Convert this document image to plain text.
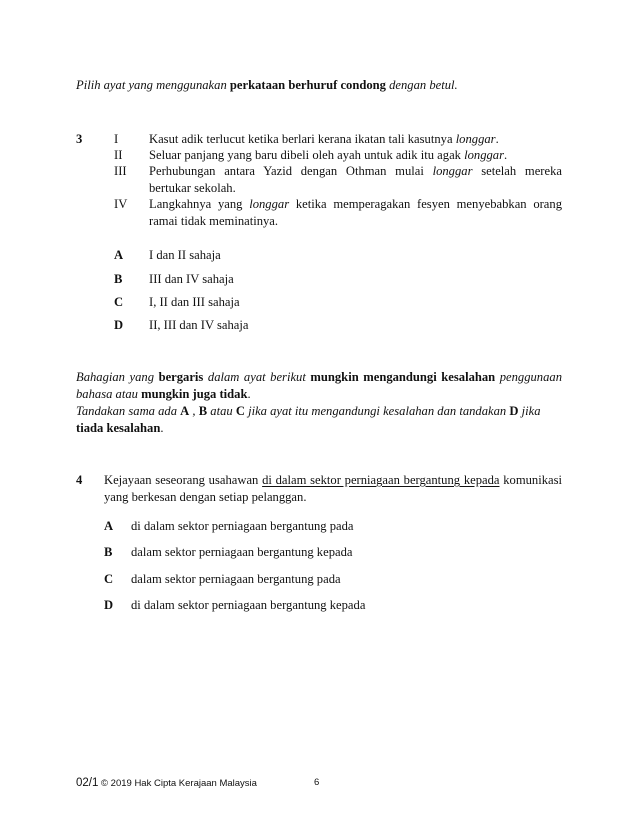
Pilih ayat yang menggunakan perkataan berhuruf condong dengan betul.
3	I Kasut adik terlucut ketika berlari kerana ikatan tali kasutnya longgar.
II Seluar panjang yang baru dibeli oleh ayah untuk adik itu agak longgar.
III Perhubungan antara Yazid dengan Othman mulai longgar setelah mereka bertukar sekolah.
IV Langkahnya yang longgar ketika memperagakan fesyen menyebabkan orang ramai tidak meminatinya.
A I dan II sahaja
B III dan IV sahaja
C I, II dan III sahaja
D II, III dan IV sahaja
Bahagian yang bergaris dalam ayat berikut mungkin mengandungi kesalahan penggunaan bahasa atau mungkin juga tidak.
Tandakan sama ada A , B atau C jika ayat itu mengandungi kesalahan dan tandakan D jika tiada kesalahan.
4 Kejayaan seseorang usahawan di dalam sektor perniagaan bergantung kepada komunikasi yang berkesan dengan setiap pelanggan.
A di dalam sektor perniagaan bergantung pada
B dalam sektor perniagaan bergantung kepada
C dalam sektor perniagaan bergantung pada
D di dalam sektor perniagaan bergantung kepada
02/1 © 2019 Hak Cipta Kerajaan Malaysia	6
